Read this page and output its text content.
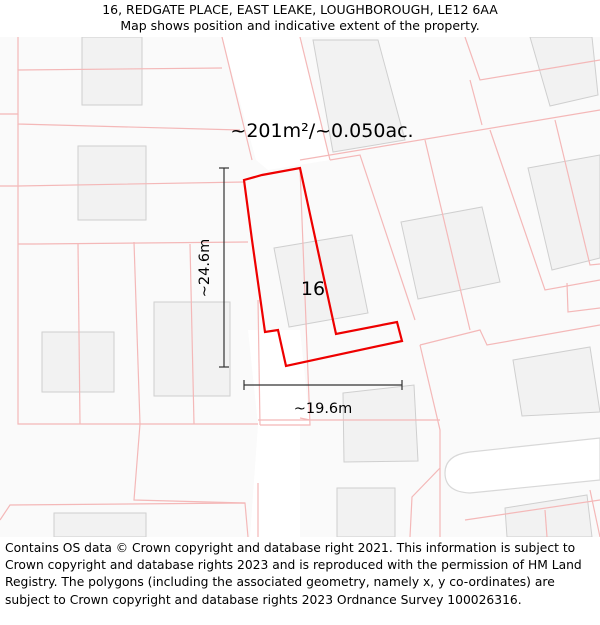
16, REDGATE PLACE, EAST LEAKE, LOUGHBOROUGH, LE12 6AA
Map shows position and indicative extent of the property.
~201m²/~0.050ac.
16
~24.6m
~19.6m
Contains OS data © Crown copyright and database right 2021. This information is subject to Crown copyright and database rights 2023 and is reproduced with the permission of HM Land Registry. The polygons (including the associated geometry, namely x, y co-ordinates) are subject to Crown copyright and database rights 2023 Ordnance Survey 100026316.
